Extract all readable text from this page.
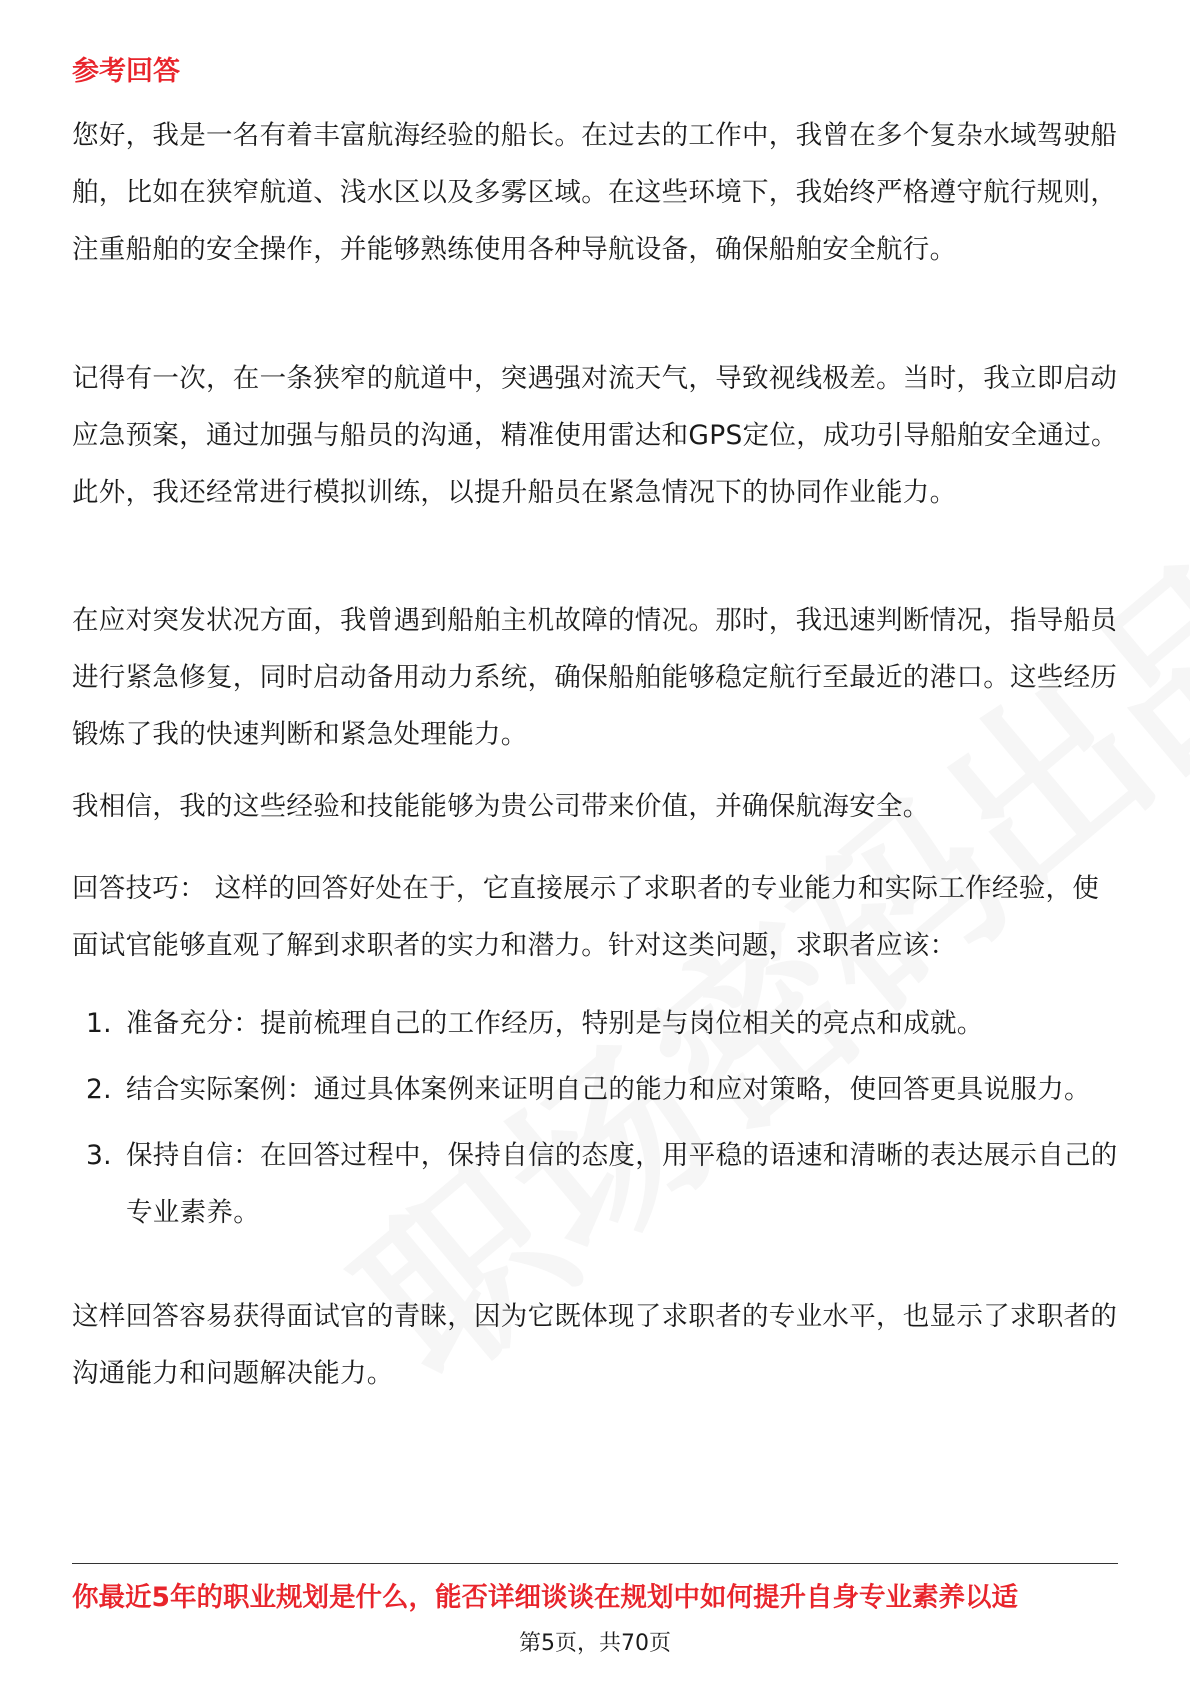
参考回答
您好，我是一名有着丰富航海经验的船长。在过去的工作中，我曾在多个复杂水域驾驶船舶，比如在狭窄航道、浅水区以及多雾区域。在这些环境下，我始终严格遵守航行规则，注重船舶的安全操作，并能够熟练使用各种导航设备，确保船舶安全航行。
记得有一次，在一条狭窄的航道中，突遇强对流天气，导致视线极差。当时，我立即启动应急预案，通过加强与船员的沟通，精准使用雷达和GPS定位，成功引导船舶安全通过。此外，我还经常进行模拟训练，以提升船员在紧急情况下的协同作业能力。
在应对突发状况方面，我曾遇到船舶主机故障的情况。那时，我迅速判断情况，指导船员进行紧急修复，同时启动备用动力系统，确保船舶能够稳定航行至最近的港口。这些经历锻炼了我的快速判断和紧急处理能力。
我相信，我的这些经验和技能能够为贵公司带来价值，并确保航海安全。
回答技巧： 这样的回答好处在于，它直接展示了求职者的专业能力和实际工作经验，使面试官能够直观了解到求职者的实力和潜力。针对这类问题，求职者应该：
1. 准备充分：提前梳理自己的工作经历，特别是与岗位相关的亮点和成就。
2. 结合实际案例：通过具体案例来证明自己的能力和应对策略，使回答更具说服力。
3. 保持自信：在回答过程中，保持自信的态度，用平稳的语速和清晰的表达展示自己的专业素养。
这样回答容易获得面试官的青睐，因为它既体现了求职者的专业水平，也显示了求职者的沟通能力和问题解决能力。
你最近5年的职业规划是什么，能否详细谈谈在规划中如何提升自身专业素养以适
第5页，共70页
